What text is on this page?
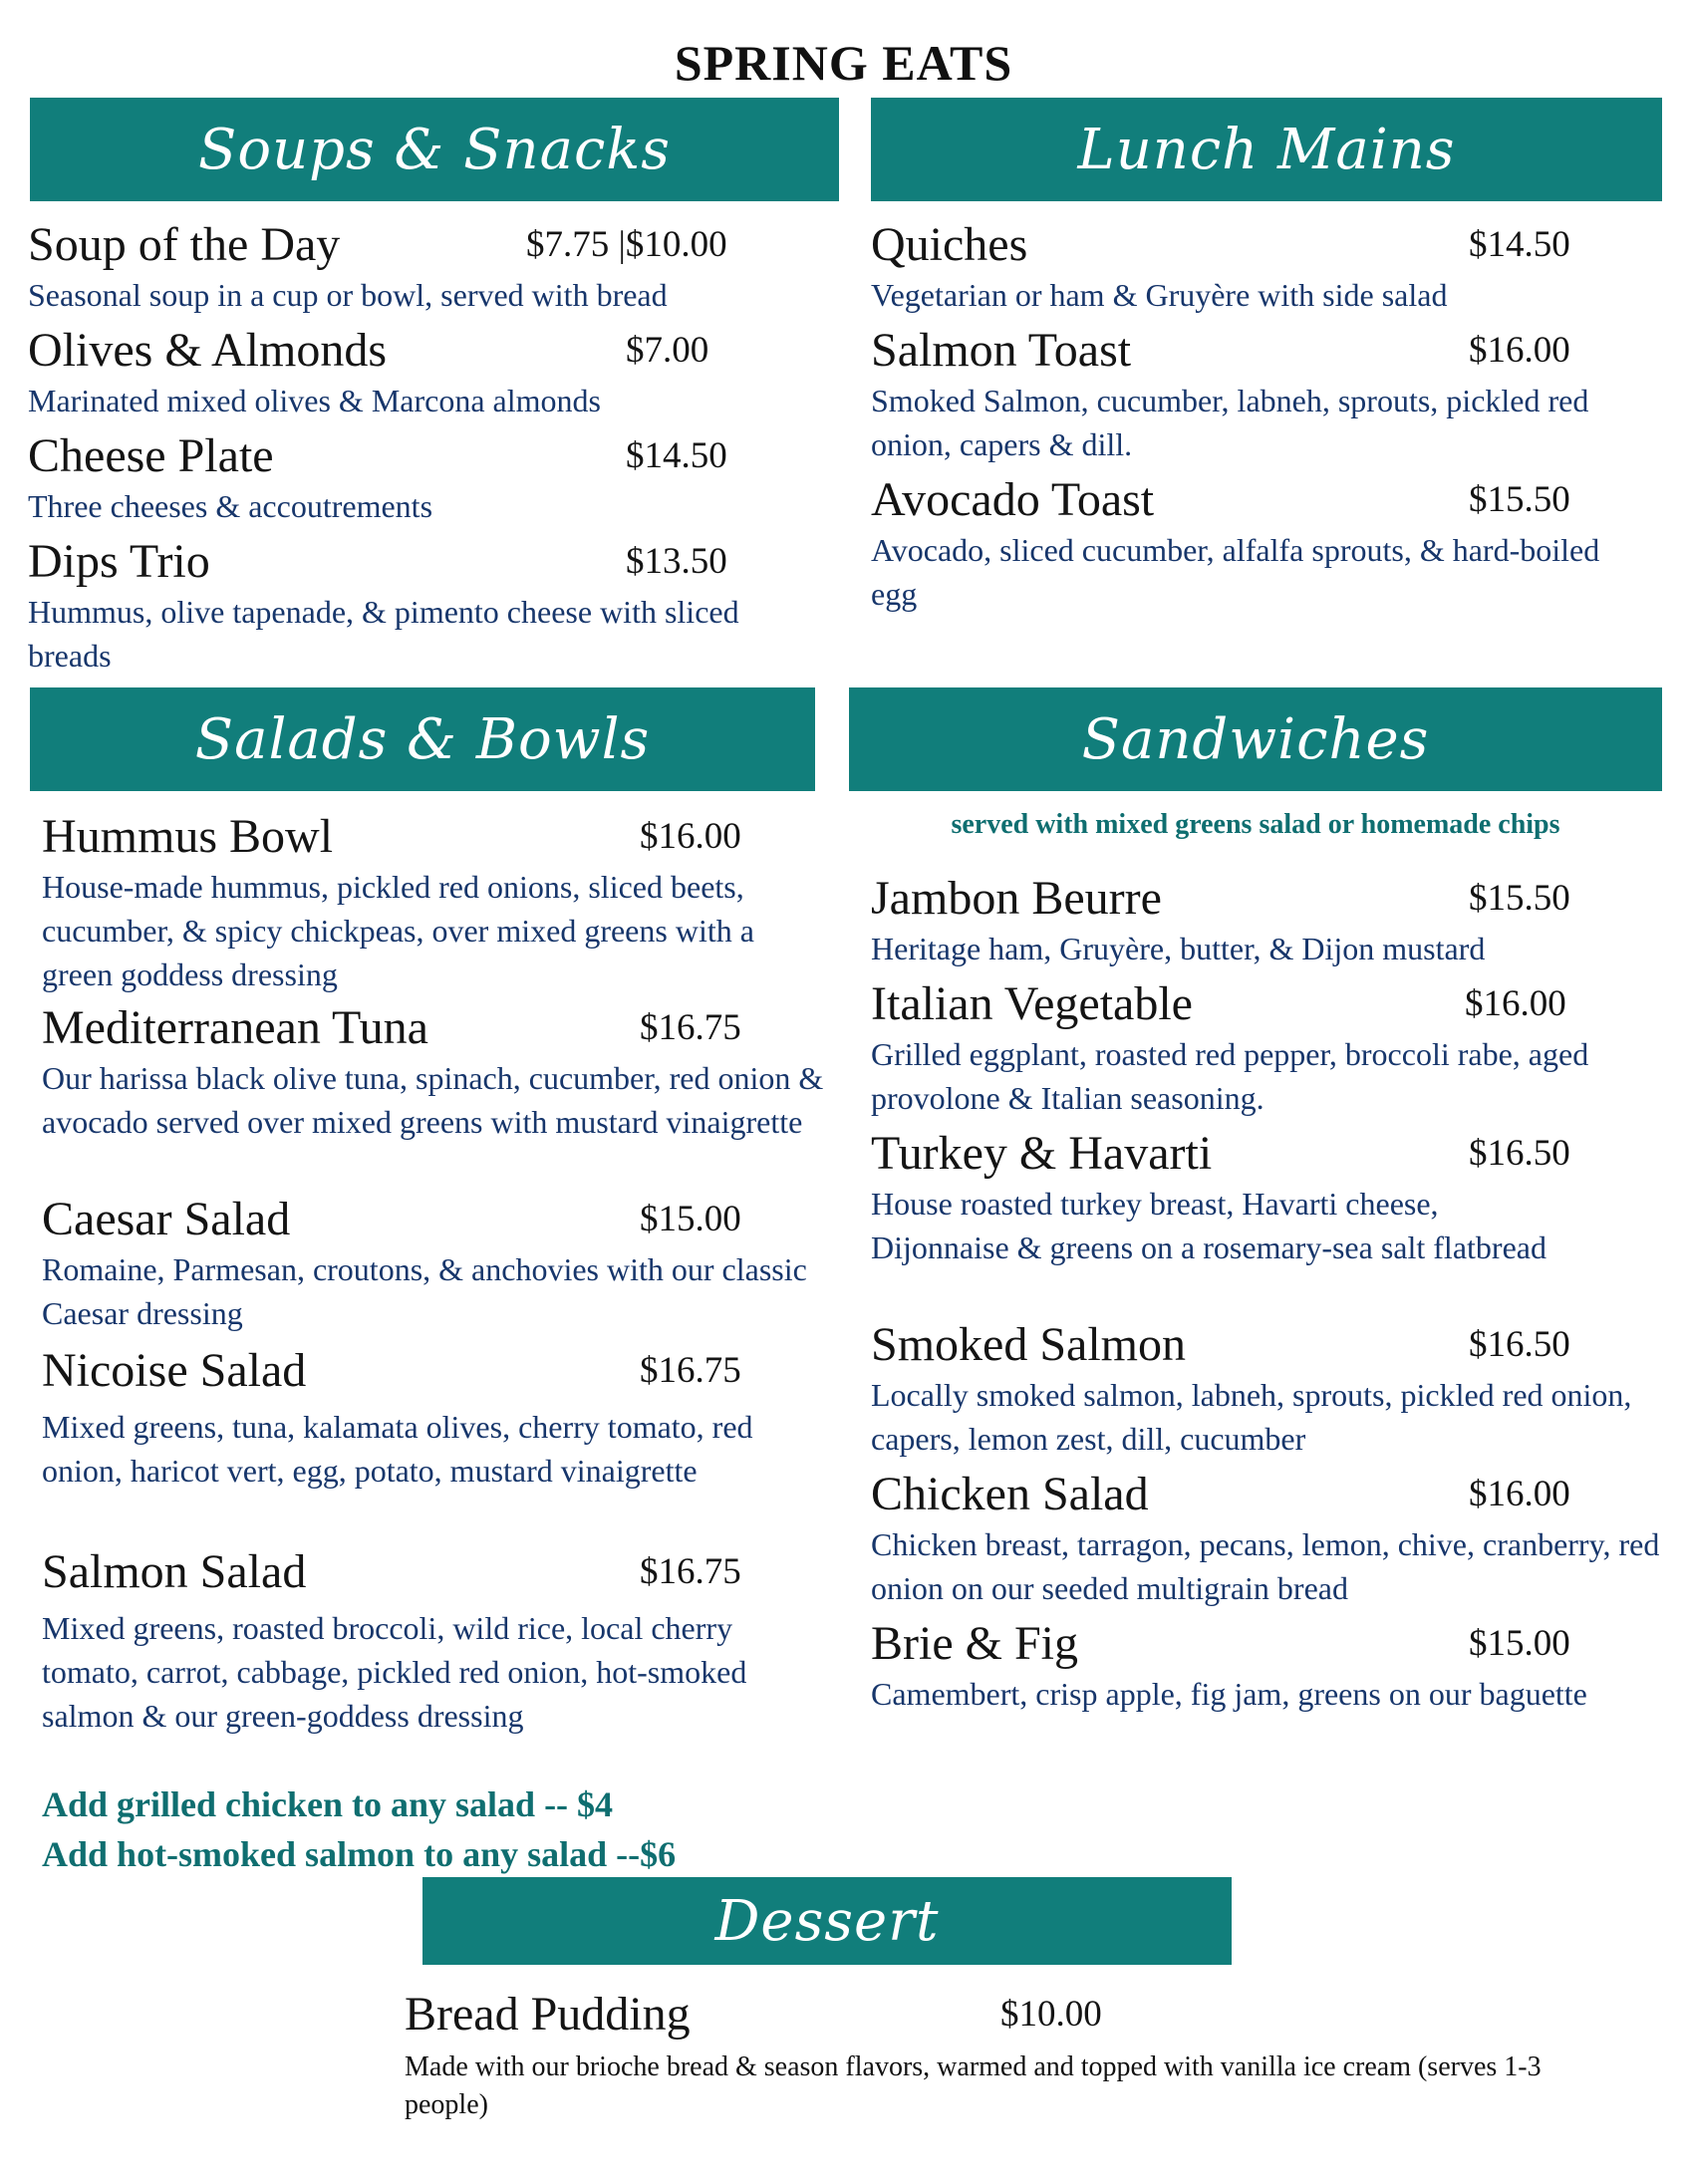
SPRING EATS
Soups & Snacks
Soup of the Day	$7.75 |$10.00
Seasonal soup in a cup or bowl, served with bread
Olives & Almonds	$7.00
Marinated mixed olives & Marcona almonds
Cheese Plate	$14.50
Three cheeses & accoutrements
Dips Trio	$13.50
Hummus, olive tapenade, & pimento cheese with sliced breads
Lunch Mains
Quiches	$14.50
Vegetarian or ham & Gruyère with side salad
Salmon Toast	$16.00
Smoked Salmon, cucumber, labneh, sprouts, pickled red onion, capers & dill.
Avocado Toast	$15.50
Avocado, sliced cucumber, alfalfa sprouts, & hard-boiled egg
Salads & Bowls
Hummus Bowl	$16.00
House-made hummus, pickled red onions, sliced beets, cucumber, & spicy chickpeas, over mixed greens with a green goddess dressing
Mediterranean Tuna	$16.75
Our harissa black olive tuna, spinach, cucumber, red onion & avocado served over mixed greens with mustard vinaigrette
Caesar Salad	$15.00
Romaine, Parmesan, croutons, & anchovies with our classic Caesar dressing
Nicoise Salad	$16.75
Mixed greens, tuna, kalamata olives, cherry tomato, red onion, haricot vert, egg, potato, mustard vinaigrette
Salmon Salad	$16.75
Mixed greens, roasted broccoli, wild rice, local cherry tomato, carrot, cabbage, pickled red onion, hot-smoked salmon & our green-goddess dressing
Add grilled chicken to any salad -- $4
Add hot-smoked salmon to any salad --$6
Sandwiches
served with mixed greens salad or homemade chips
Jambon Beurre	$15.50
Heritage ham, Gruyère, butter, & Dijon mustard
Italian Vegetable	$16.00
Grilled eggplant, roasted red pepper, broccoli rabe, aged provolone & Italian seasoning.
Turkey & Havarti	$16.50
House roasted turkey breast, Havarti cheese, Dijonnaise & greens on a rosemary-sea salt flatbread
Smoked Salmon	$16.50
Locally smoked salmon, labneh, sprouts, pickled red onion, capers, lemon zest, dill, cucumber
Chicken Salad	$16.00
Chicken breast, tarragon, pecans, lemon, chive, cranberry, red onion on our seeded multigrain bread
Brie & Fig	$15.00
Camembert, crisp apple, fig jam, greens on our baguette
Dessert
Bread Pudding	$10.00
Made with our brioche bread & season flavors, warmed and topped with vanilla ice cream (serves 1-3 people)
